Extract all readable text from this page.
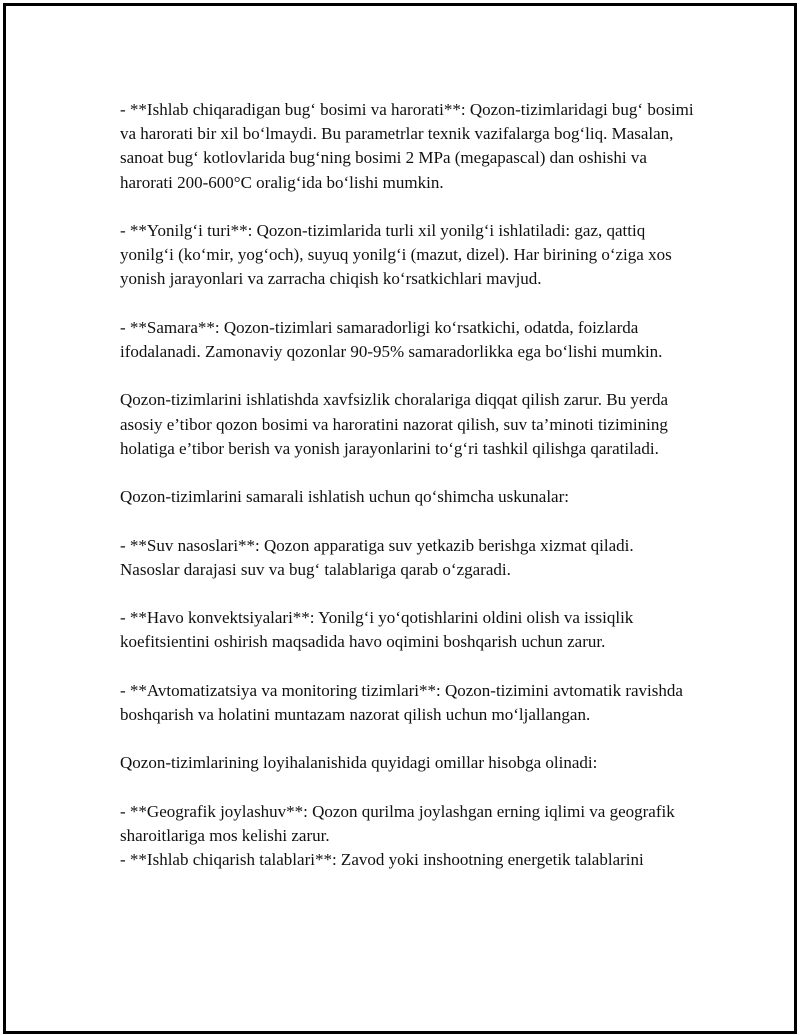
- **Ishlab chiqaradigan bug‘ bosimi va harorati**: Qozon-tizimlaridagi bug‘ bosimi va harorati bir xil bo‘lmaydi. Bu parametrlar texnik vazifalarga bog‘liq. Masalan, sanoat bug‘ kotlovlarida bug‘ning bosimi 2 MPa (megapascal) dan oshishi va harorati 200-600°C oralig‘ida bo‘lishi mumkin.

- **Yonilg‘i turi**: Qozon-tizimlarida turli xil yonilg‘i ishlatiladi: gaz, qattiq yonilg‘i (ko‘mir, yog‘och), suyuq yonilg‘i (mazut, dizel). Har birining o‘ziga xos yonish jarayonlari va zarracha chiqish ko‘rsatkichlari mavjud.

- **Samara**: Qozon-tizimlari samaradorligi ko‘rsatkichi, odatda, foizlarda ifodalanadi. Zamonaviy qozonlar 90-95% samaradorlikka ega bo‘lishi mumkin.

Qozon-tizimlarini ishlatishda xavfsizlik choralariga diqqat qilish zarur. Bu yerda asosiy e’tibor qozon bosimi va haroratini nazorat qilish, suv ta’minoti tizimining holatiga e’tibor berish va yonish jarayonlarini to‘g‘ri tashkil qilishga qaratiladi.

Qozon-tizimlarini samarali ishlatish uchun qo‘shimcha uskunalar:

- **Suv nasoslari**: Qozon apparatiga suv yetkazib berishga xizmat qiladi. Nasoslar darajasi suv va bug‘ talablariga qarab o‘zgaradi.

- **Havo konvektsiyalari**: Yonilg‘i yo‘qotishlarini oldini olish va issiqlik koefitsientini oshirish maqsadida havo oqimini boshqarish uchun zarur.

- **Avtomatizatsiya va monitoring tizimlari**: Qozon-tizimini avtomatik ravishda boshqarish va holatini muntazam nazorat qilish uchun mo‘ljallangan.

Qozon-tizimlarining loyihalanishida quyidagi omillar hisobga olinadi:

- **Geografik joylashuv**: Qozon qurilma joylashgan erning iqlimi va geografik sharoitlariga mos kelishi zarur.

- **Ishlab chiqarish talablari**: Zavod yoki inshootning energetik talablarini
